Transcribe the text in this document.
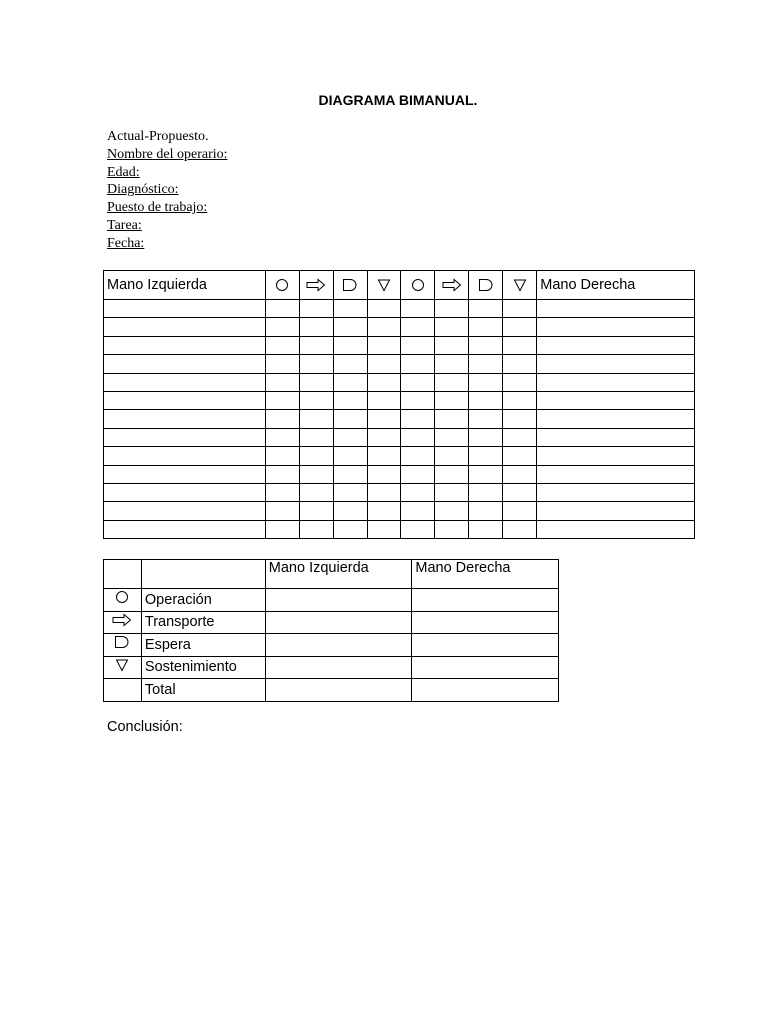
DIAGRAMA BIMANUAL.
Actual-Propuesto.
Nombre del operario:
Edad:
Diagnóstico:
Puesto de trabajo:
Tarea:
Fecha:
Mano Izquierda									Mano Derecha

		Mano Izquierda	Mano Derecha
	Operación		
	Transporte		
	Espera		
	Sostenimiento		
	Total		
Conclusión:
